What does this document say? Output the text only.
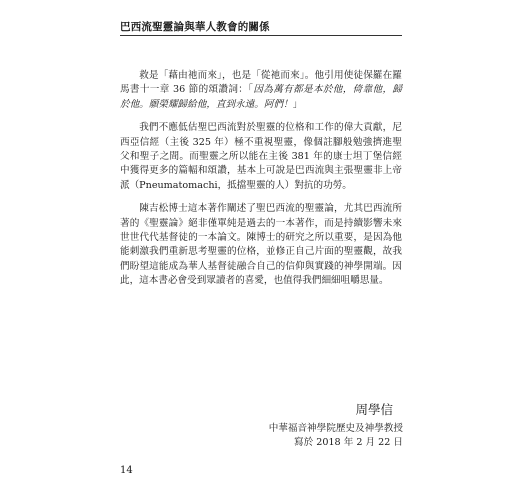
巴西流聖靈論與華人教會的關係

救是「藉由祂而來」，也是「從祂而來」。他引用使徒保羅在羅馬書十一章 36 節的頌讚詞：「因為萬有都是本於他，倚靠他，歸於他。願榮耀歸給他，直到永遠。阿們！」

我們不應低估聖巴西流對於聖靈的位格和工作的偉大貢獻，尼西亞信經（主後 325 年）極不重視聖靈，像個註腳般勉強擠進聖父和聖子之間。而聖靈之所以能在主後 381 年的康士坦丁堡信經中獲得更多的篇幅和頌讚，基本上可說是巴西流與主張聖靈非上帝派（Pneumatomachi，抵擋聖靈的人）對抗的功勞。

陳吉松博士這本著作闡述了聖巴西流的聖靈論，尤其巴西流所著的《聖靈論》絕非僅單純是過去的一本著作，而是持續影響未來世世代代基督徒的一本論文。陳博士的研究之所以重要，是因為他能刺激我們重新思考聖靈的位格，並修正自己片面的聖靈觀，故我們盼望這能成為華人基督徒融合自己的信仰與實踐的神學開端。因此，這本書必會受到眾讀者的喜愛，也值得我們細細咀嚼思量。

周學信
中華福音神學院歷史及神學教授
寫於 2018 年 2 月 22 日
14
